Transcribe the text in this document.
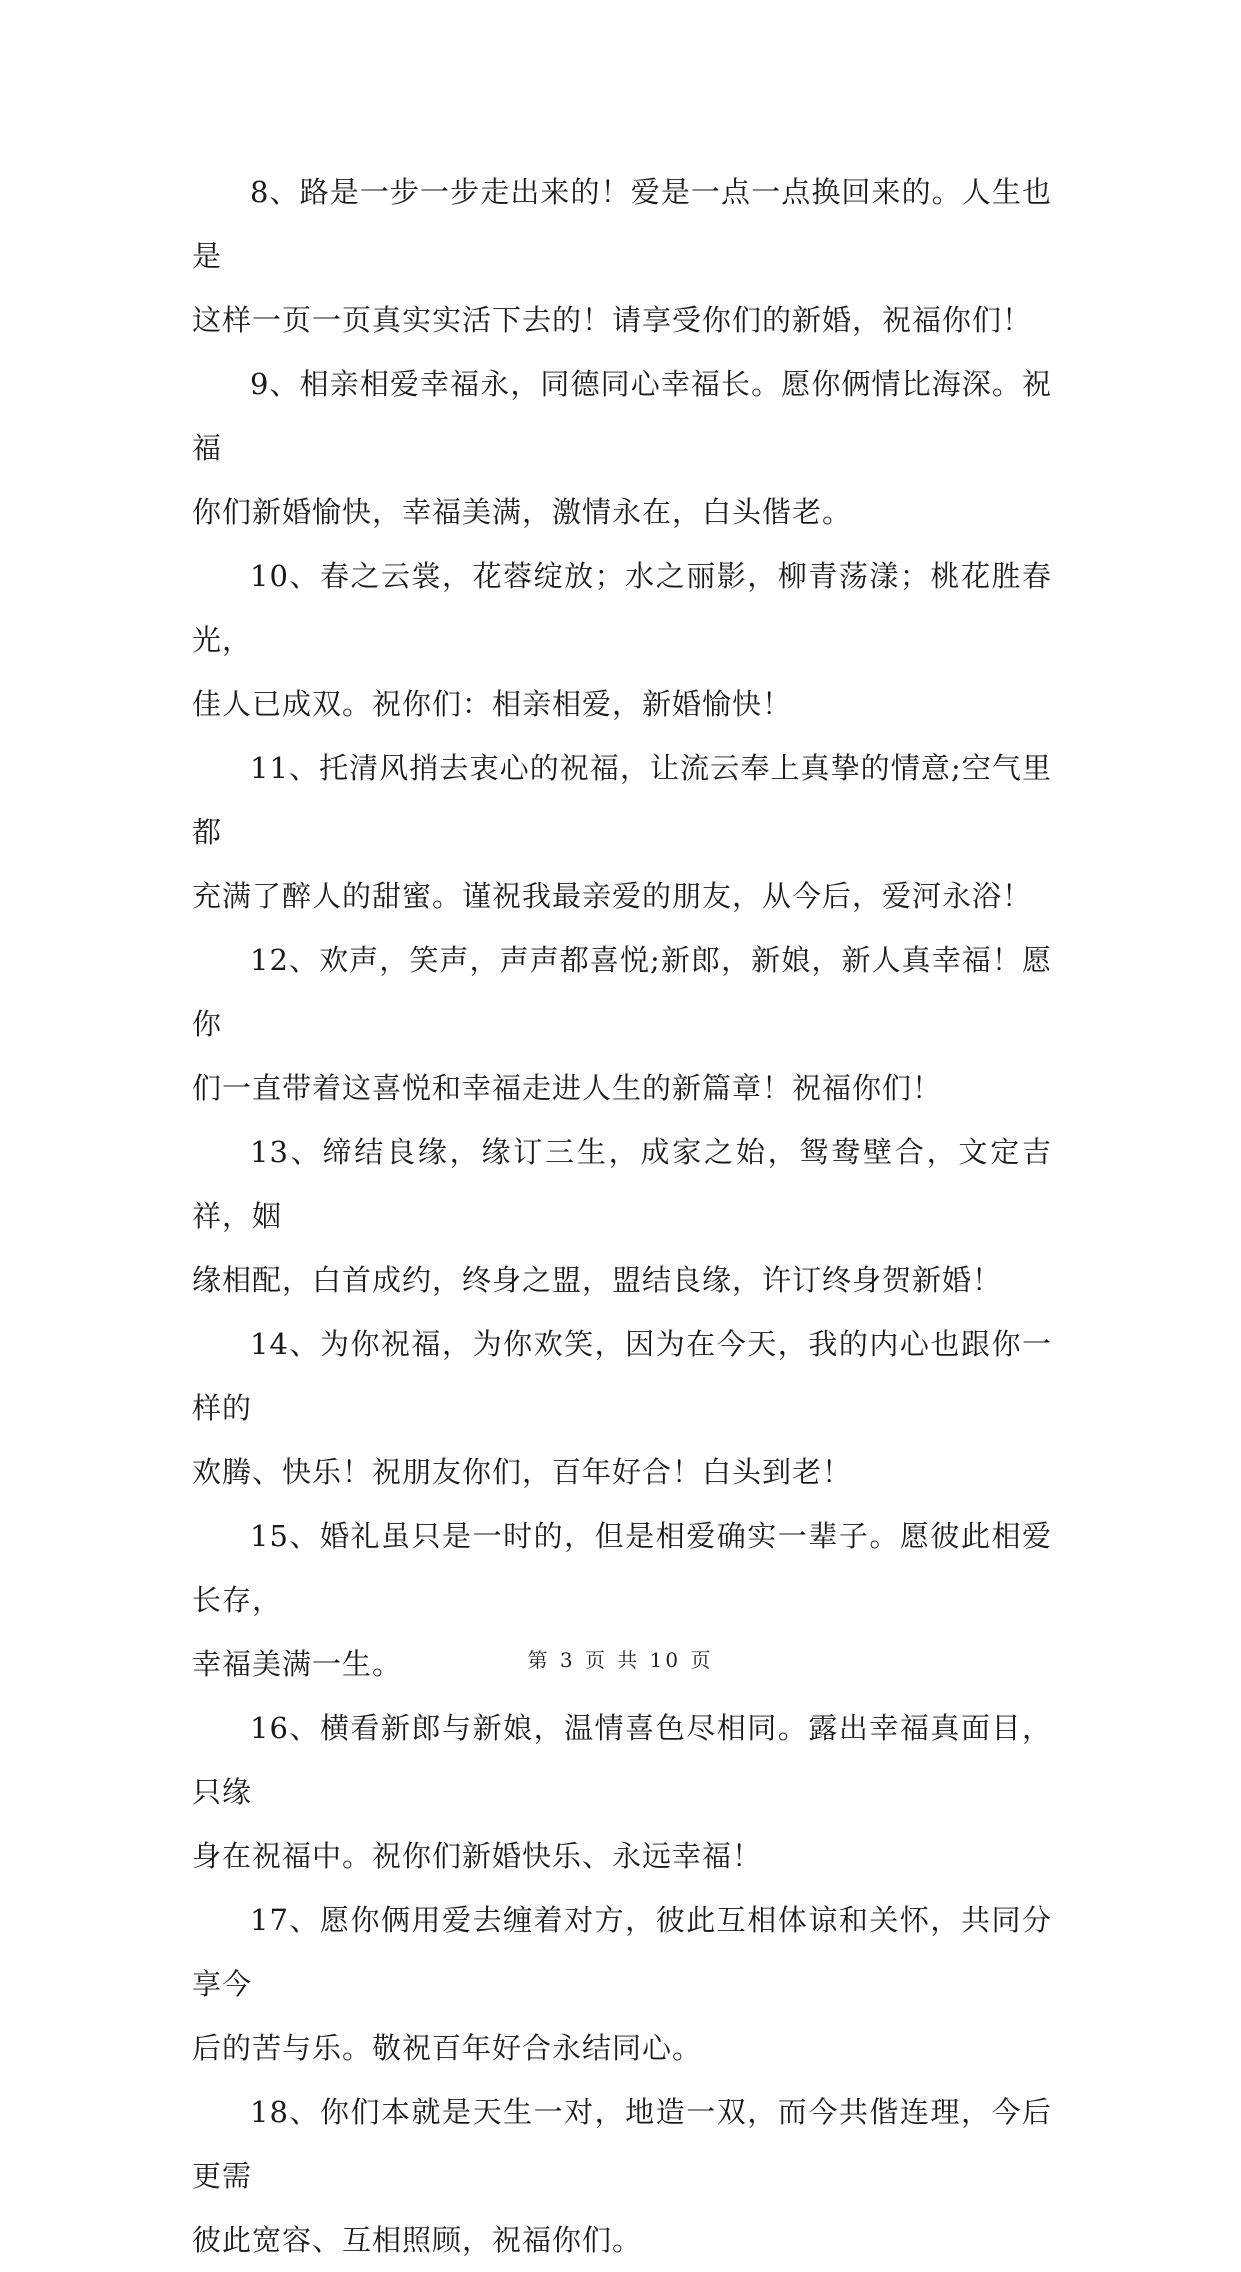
8、路是一步一步走出来的！爱是一点一点换回来的。人生也是
这样一页一页真实实活下去的！请享受你们的新婚，祝福你们！

9、相亲相爱幸福永，同德同心幸福长。愿你俩情比海深。祝福
你们新婚愉快，幸福美满，激情永在，白头偕老。

10、春之云裳，花蓉绽放；水之丽影，柳青荡漾；桃花胜春光，
佳人已成双。祝你们：相亲相爱，新婚愉快！

11、托清风捎去衷心的祝福，让流云奉上真挚的情意;空气里都
充满了醉人的甜蜜。谨祝我最亲爱的朋友，从今后，爱河永浴！

12、欢声，笑声，声声都喜悦;新郎，新娘，新人真幸福！愿你
们一直带着这喜悦和幸福走进人生的新篇章！祝福你们！

13、缔结良缘，缘订三生，成家之始，鸳鸯壁合，文定吉祥，姻
缘相配，白首成约，终身之盟，盟结良缘，许订终身贺新婚！

14、为你祝福，为你欢笑，因为在今天，我的内心也跟你一样的
欢腾、快乐！祝朋友你们，百年好合！白头到老！

15、婚礼虽只是一时的，但是相爱确实一辈子。愿彼此相爱长存，
幸福美满一生。

16、横看新郎与新娘，温情喜色尽相同。露出幸福真面目，只缘
身在祝福中。祝你们新婚快乐、永远幸福！

17、愿你俩用爱去缠着对方，彼此互相体谅和关怀，共同分享今
后的苦与乐。敬祝百年好合永结同心。

18、你们本就是天生一对，地造一双，而今共偕连理，今后更需
彼此宽容、互相照顾，祝福你们。

第 3 页 共 10 页
